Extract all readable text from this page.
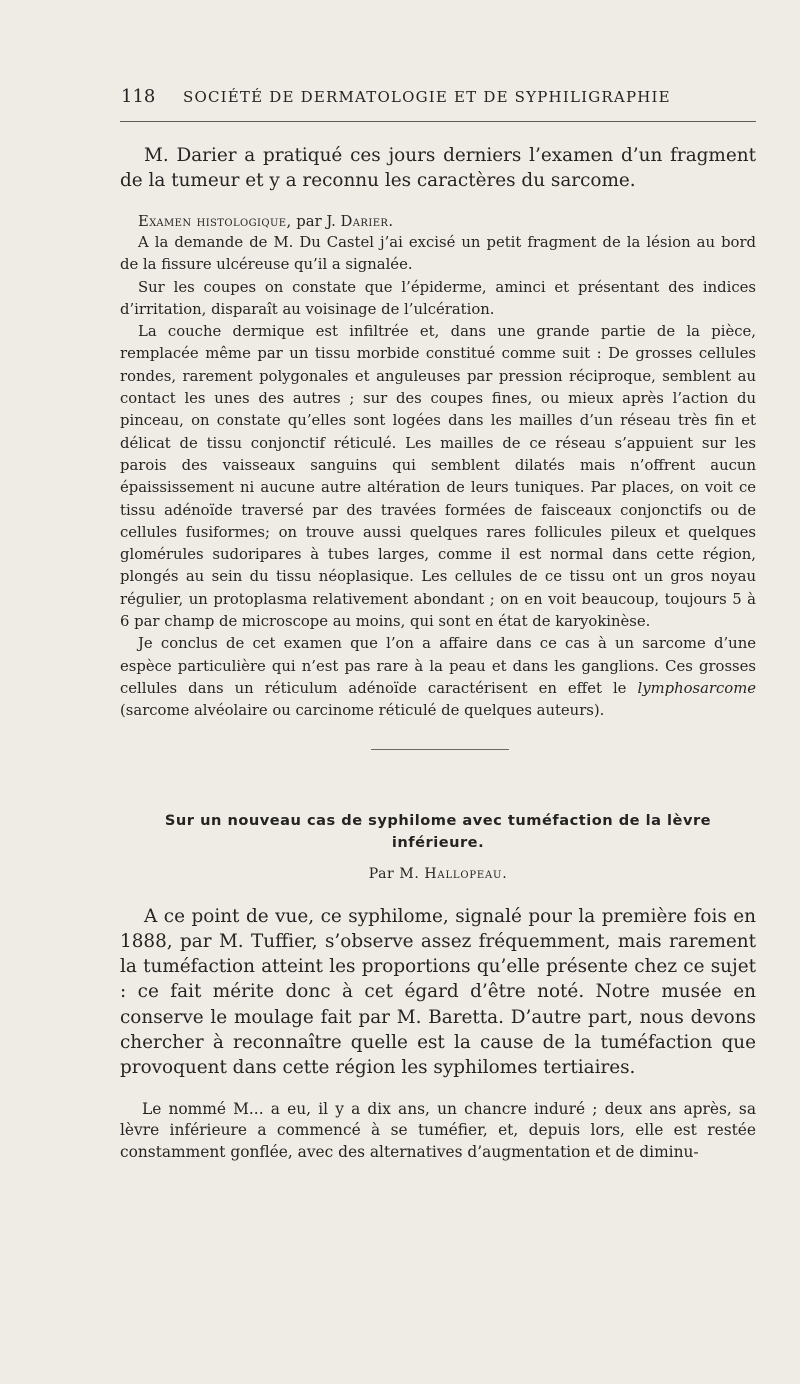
118	SOCIÉTÉ DE DERMATOLOGIE ET DE SYPHILIGRAPHIE

M. Darier a pratiqué ces jours derniers l’examen d’un fragment de la tumeur et y a reconnu les caractères du sarcome.

Examen histologique, par J. Darier.

A la demande de M. Du Castel j’ai excisé un petit fragment de la lésion au bord de la fissure ulcéreuse qu’il a signalée.

Sur les coupes on constate que l’épiderme, aminci et présentant des indices d’irritation, disparaît au voisinage de l’ulcération.

La couche dermique est infiltrée et, dans une grande partie de la pièce, remplacée même par un tissu morbide constitué comme suit : De grosses cellules rondes, rarement polygonales et anguleuses par pression réciproque, semblent au contact les unes des autres ; sur des coupes fines, ou mieux après l’action du pinceau, on constate qu’elles sont logées dans les mailles d’un réseau très fin et délicat de tissu conjonctif réticulé. Les mailles de ce réseau s’appuient sur les parois des vaisseaux sanguins qui semblent dilatés mais n’offrent aucun épaississement ni aucune autre altération de leurs tuniques. Par places, on voit ce tissu adénoïde traversé par des travées formées de faisceaux conjonctifs ou de cellules fusiformes; on trouve aussi quelques rares follicules pileux et quelques glomérules sudoripares à tubes larges, comme il est normal dans cette région, plongés au sein du tissu néoplasique. Les cellules de ce tissu ont un gros noyau régulier, un protoplasma relativement abondant ; on en voit beaucoup, toujours 5 à 6 par champ de microscope au moins, qui sont en état de karyokinèse.

Je conclus de cet examen que l’on a affaire dans ce cas à un sarcome d’une espèce particulière qui n’est pas rare à la peau et dans les ganglions. Ces grosses cellules dans un réticulum adénoïde caractérisent en effet le lymphosarcome (sarcome alvéolaire ou carcinome réticulé de quelques auteurs).

Sur un nouveau cas de syphilome avec tuméfaction de la lèvre
inférieure.
Par M. Hallopeau.

A ce point de vue, ce syphilome, signalé pour la première fois en 1888, par M. Tuffier, s’observe assez fréquemment, mais rarement la tuméfaction atteint les proportions qu’elle présente chez ce sujet : ce fait mérite donc à cet égard d’être noté. Notre musée en conserve le moulage fait par M. Baretta. D’autre part, nous devons chercher à reconnaître quelle est la cause de la tuméfaction que provoquent dans cette région les syphilomes tertiaires.

Le nommé M... a eu, il y a dix ans, un chancre induré ; deux ans après, sa lèvre inférieure a commencé à se tuméfier, et, depuis lors, elle est restée constamment gonflée, avec des alternatives d’augmentation et de diminu-
